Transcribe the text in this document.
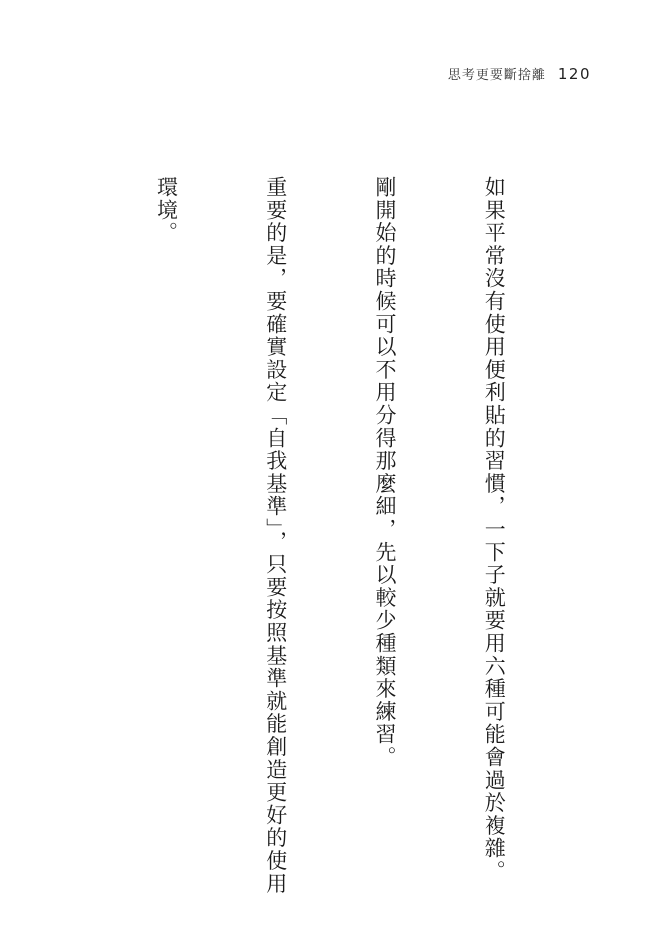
思考更要斷捨離 120

如果平常沒有使用便利貼的習慣，一下子就要用六種可能會過於複雜。

剛開始的時候可以不用分得那麼細，先以較少種類來練習。

重要的是，要確實設定「自我基準」，只要按照基準就能創造更好的使用

環境。
